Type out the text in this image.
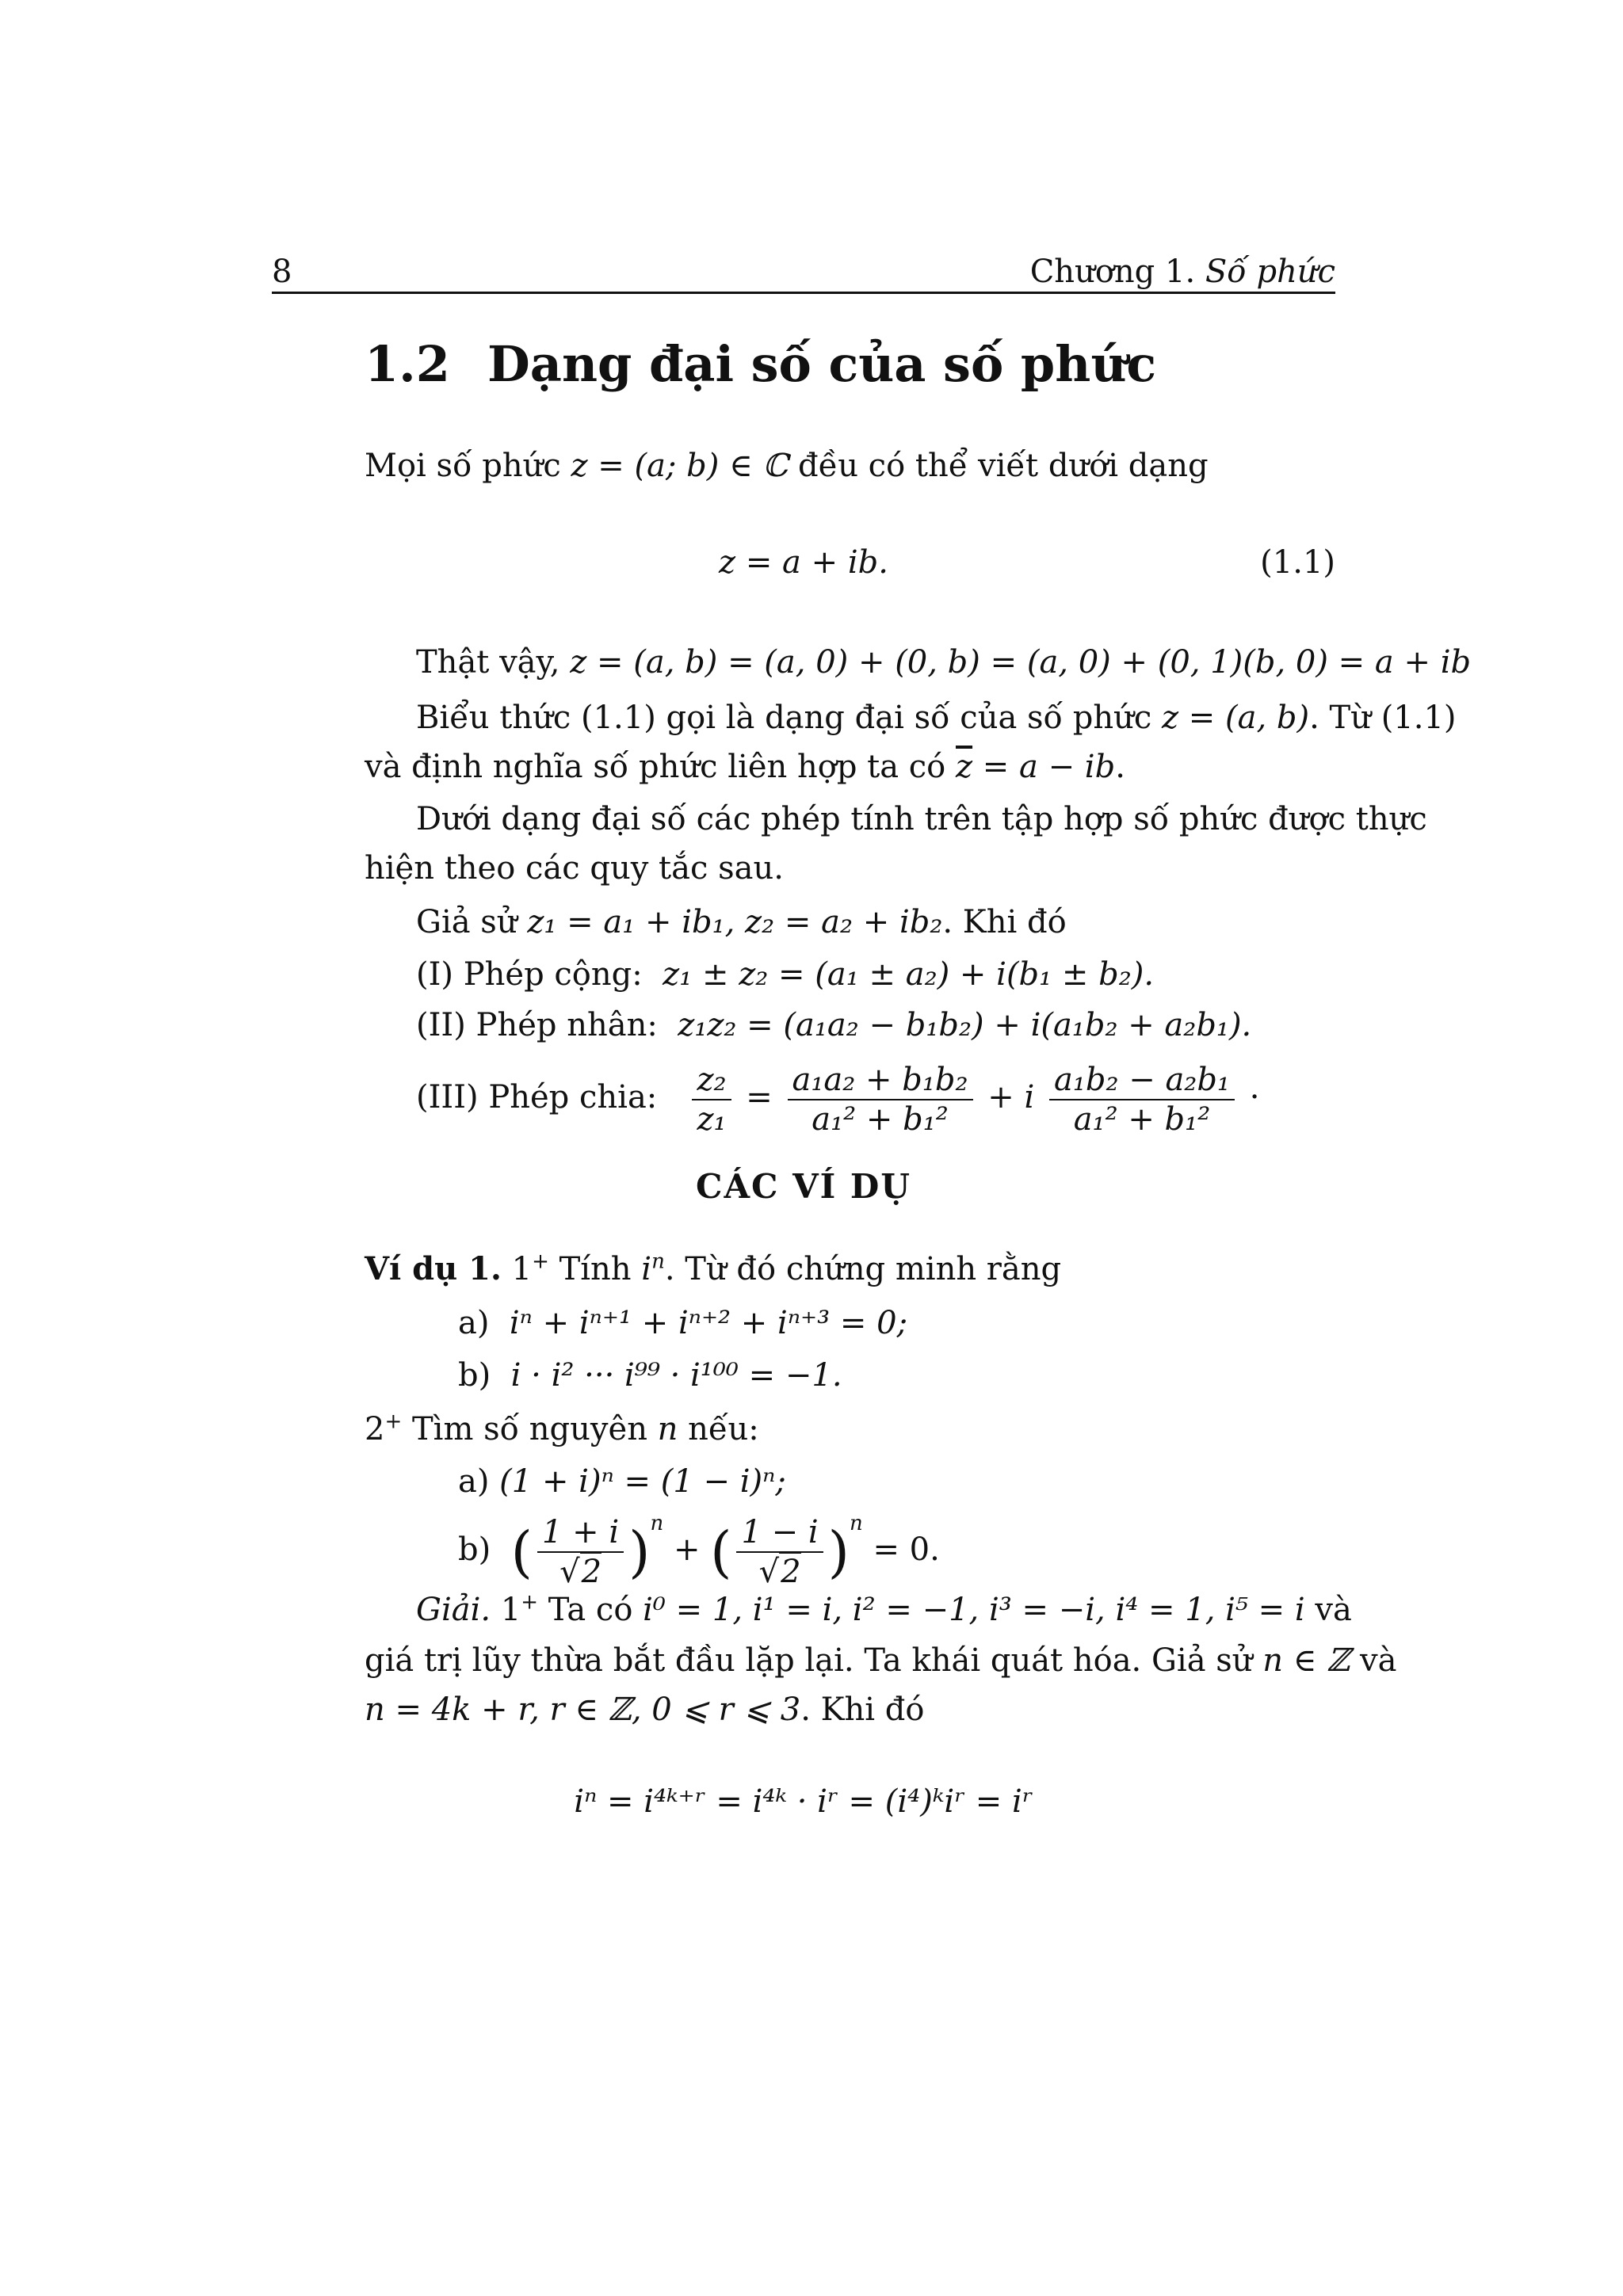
8	Chương 1. Số phức
1.2 Dạng đại số của số phức
Mọi số phức z = (a; b) ∈ ℂ đều có thể viết dưới dạng
z = a + ib.	(1.1)
Thật vậy, z = (a, b) = (a, 0) + (0, b) = (a, 0) + (0, 1)(b, 0) = a + ib
Biểu thức (1.1) gọi là dạng đại số của số phức z = (a, b). Từ (1.1)
và định nghĩa số phức liên hợp ta có $\overline{z} = a$ − ib.
Dưới dạng đại số các phép tính trên tập hợp số phức được thực
hiện theo các quy tắc sau.
Giả sử z₁ = a₁ + ib₁, z₂ = a₂ + ib₂. Khi đó
(I) Phép cộng: z₁ ± z₂ = (a₁ ± a₂) + i(b₁ ± b₂).
(II) Phép nhân: z₁z₂ = (a₁a₂ − b₁b₂) + i(a₁b₂ + a₂b₁).
(III) Phép chia: $\frac{\text{z₂}}{\text{z₁}} = \frac{\text{a₁a₂ + b₁b₂}}{\text{a₁² + b₁²}} + i \frac{\text{a₁b₂ − a₂b₁}}{\text{a₁² + b₁²}}$ ·
CÁC VÍ DỤ
Ví dụ 1. 1+ Tính $i^n$. Từ đó chứng minh rằng
a) iⁿ + iⁿ⁺¹ + iⁿ⁺² + iⁿ⁺³ = 0;
b) i · i² ··· i⁹⁹ · i¹⁰⁰ = −1.
2+ Tìm số nguyên n nếu:
a) (1 + i)ⁿ = (1 − i)ⁿ;
b) ( $\frac{1 + i}{√2} )^n$ + ( $\frac{1 - i}{√2} )^n = 0$.
Giải. 1+ Ta có i⁰ = 1, i¹ = i, i² = −1, i³ = −i, i⁴ = 1, i⁵ = i và
giá trị lũy thừa bắt đầu lặp lại. Ta khái quát hóa. Giả sử n ∈ ℤ và
n = 4k + r, r ∈ ℤ, 0 ⩽ r ⩽ 3. Khi đó
iⁿ = i⁴ᵏ⁺ʳ = i⁴ᵏ · iʳ = (i⁴)ᵏiʳ = iʳ
